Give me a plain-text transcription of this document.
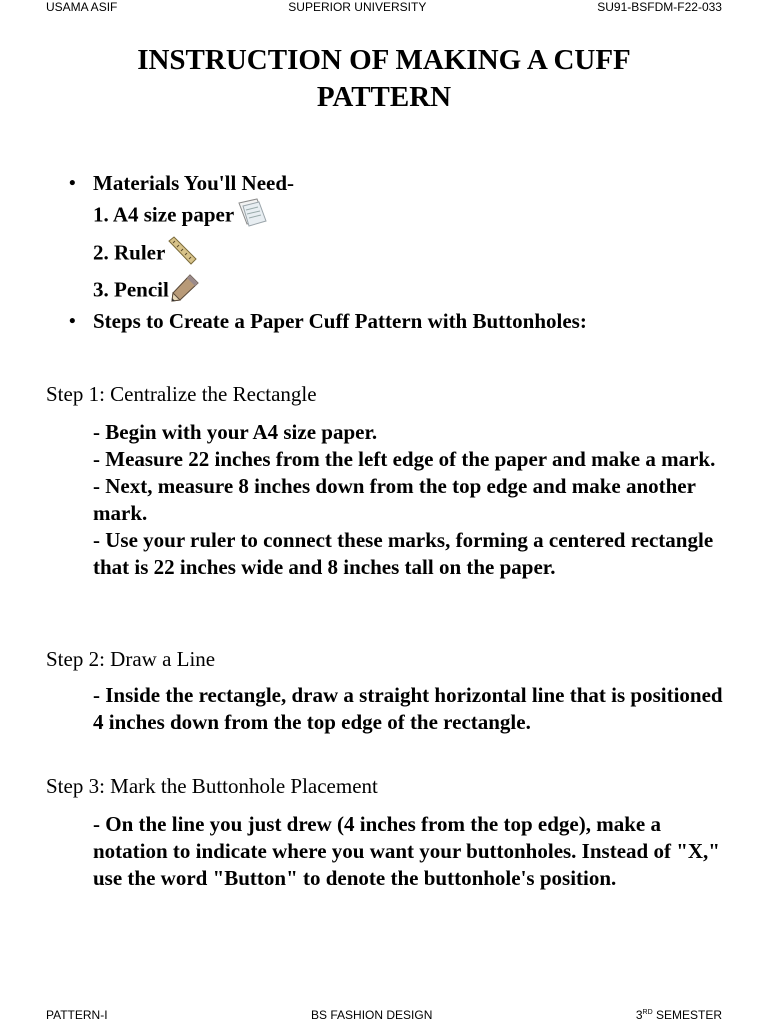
USAMA ASIF	SUPERIOR UNIVERSITY	SU91-BSFDM-F22-033
INSTRUCTION OF MAKING A CUFF
PATTERN
• Materials You'll Need-
1. A4 size paper
2. Ruler
3. Pencil
• Steps to Create a Paper Cuff Pattern with Buttonholes:
Step 1: Centralize the Rectangle
- Begin with your A4 size paper.
- Measure 22 inches from the left edge of the paper and make a mark.
- Next, measure 8 inches down from the top edge and make another mark.
- Use your ruler to connect these marks, forming a centered rectangle that is 22 inches wide and 8 inches tall on the paper.
Step 2: Draw a Line
- Inside the rectangle, draw a straight horizontal line that is positioned 4 inches down from the top edge of the rectangle.
Step 3: Mark the Buttonhole Placement
- On the line you just drew (4 inches from the top edge), make a notation to indicate where you want your buttonholes. Instead of "X," use the word "Button" to denote the buttonhole's position.
PATTERN-I	BS FASHION DESIGN	3RD SEMESTER
